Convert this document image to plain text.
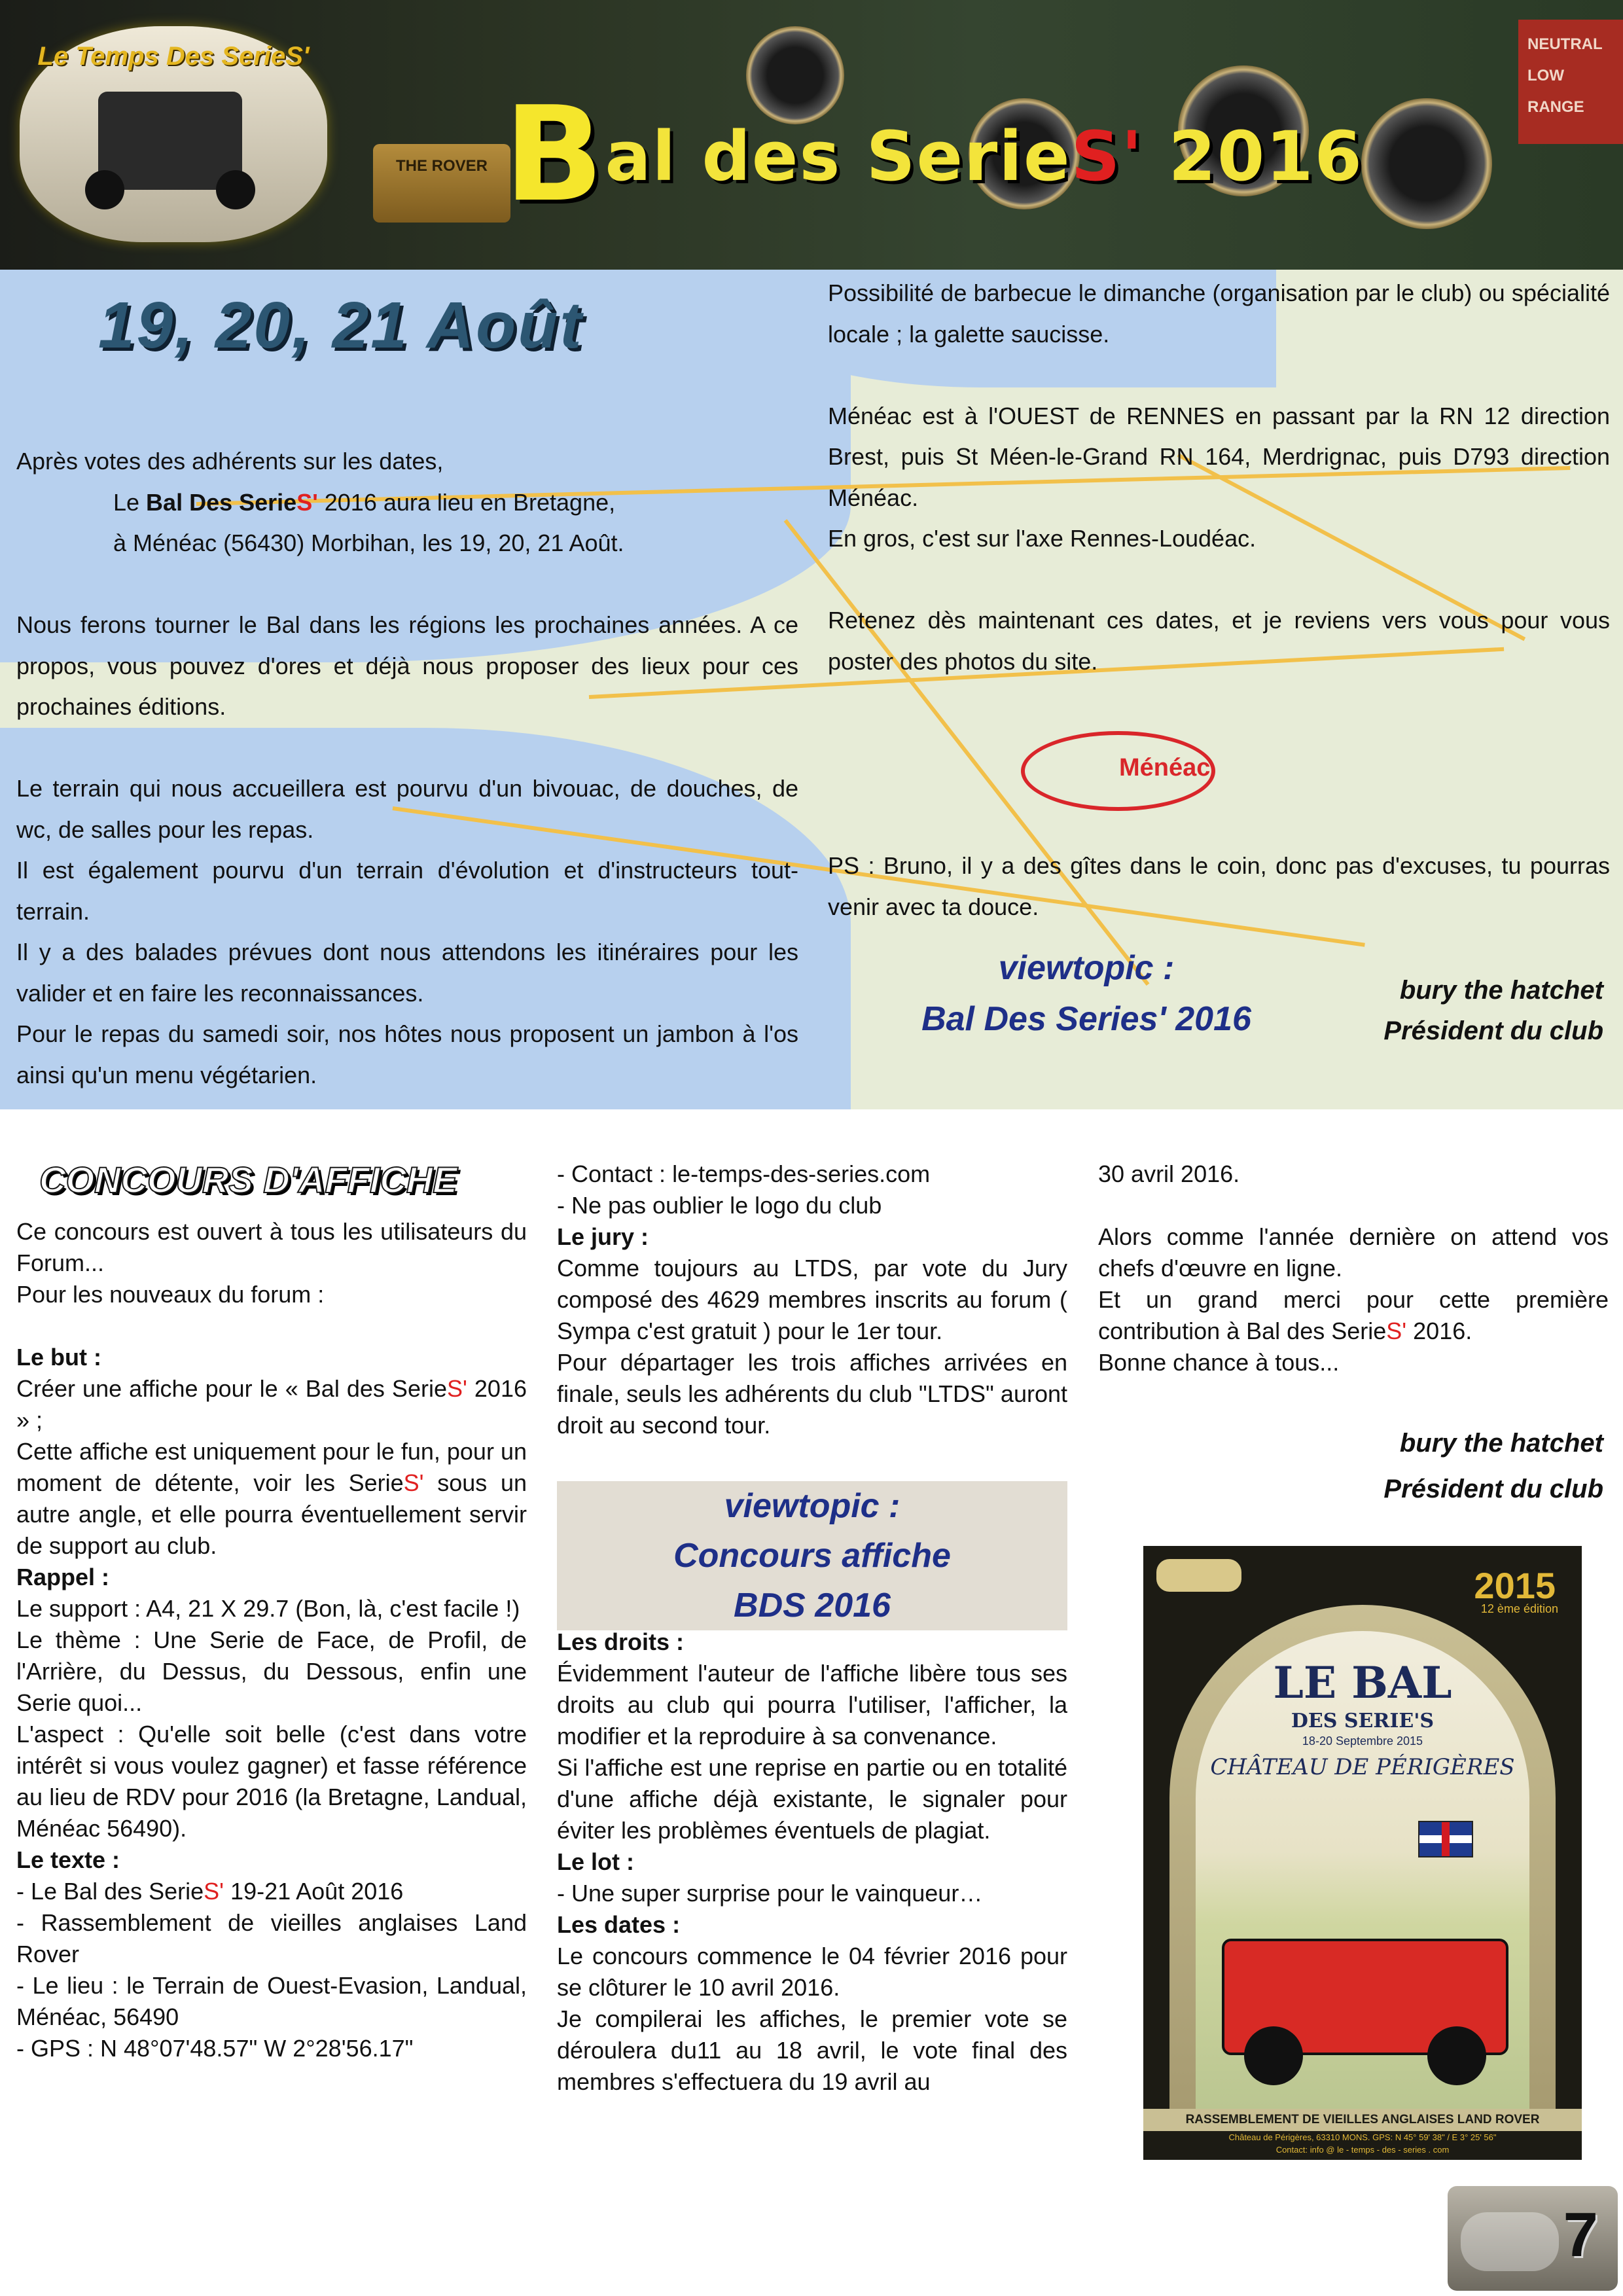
THE ROVER
NEUTRAL
LOW RANGE
Le Temps Des SerieS'
Bal des SerieS' 2016
Ménéac
19, 20, 21 Août
Après votes des adhérents sur les dates,
Le Bal Des SerieS' 2016 aura lieu en Bretagne,
à Ménéac (56430) Morbihan, les 19, 20, 21 Août.
Nous ferons tourner le Bal dans les régions les prochaines années. A ce propos, vous pouvez d'ores et déjà nous proposer des lieux pour ces prochaines éditions.
Le terrain qui nous accueillera est pourvu d'un bivouac, de douches, de wc, de salles pour les repas.
Il est également pourvu d'un terrain d'évolution et d'instructeurs tout-terrain.
Il y a des balades prévues dont nous attendons les itinéraires pour les valider et en faire les reconnaissances.
Pour le repas du samedi soir, nos hôtes nous proposent un jambon à l'os ainsi qu'un menu végétarien.
Possibilité de barbecue le dimanche (organisation par le club) ou spécialité locale ; la galette saucisse.
Ménéac est à l'OUEST de RENNES en passant par la RN 12 direction Brest, puis St Méen-le-Grand RN 164, Merdrignac, puis D793 direction Ménéac.
En gros, c'est sur l'axe Rennes-Loudéac.
Retenez dès maintenant ces dates, et je reviens vers vous pour vous poster des photos du site.
PS : Bruno, il y a des gîtes dans le coin, donc pas d'excuses, tu pourras venir avec ta douce.
viewtopic :
Bal Des Series' 2016
bury the hatchet
Président du club
CONCOURS D'AFFICHE
Ce concours est ouvert à tous les utilisateurs du Forum...
Pour les nouveaux du forum :
Le but :
Créer une affiche pour le « Bal des SerieS' 2016 » ;
Cette affiche est uniquement pour le fun, pour un moment de détente, voir les SerieS' sous un autre angle, et elle pourra éventuellement servir de support au club.
Rappel :
Le support : A4, 21 X 29.7 (Bon, là, c'est facile !)
Le thème : Une Serie de Face, de Profil, de l'Arrière, du Dessus, du Dessous, enfin une Serie quoi...
L'aspect : Qu'elle soit belle (c'est dans votre intérêt si vous voulez gagner) et fasse référence au lieu de RDV pour 2016 (la Bretagne, Landual, Ménéac 56490).
Le texte :
- Le Bal des SerieS' 19-21 Août 2016
- Rassemblement de vieilles anglaises Land Rover
- Le lieu : le Terrain de Ouest-Evasion, Landual, Ménéac, 56490
- GPS : N 48°07'48.57" W 2°28'56.17"
- Contact : le-temps-des-series.com
- Ne pas oublier le logo du club
Le jury :
Comme toujours au LTDS, par vote du Jury composé des 4629 membres inscrits au forum ( Sympa c'est gratuit ) pour le 1er tour.
Pour départager les trois affiches arrivées en finale, seuls les adhérents du club "LTDS" auront droit au second tour.
viewtopic :
Concours affiche
BDS 2016
Les droits :
Évidemment l'auteur de l'affiche libère tous ses droits au club qui pourra l'utiliser, l'afficher, la modifier et la reproduire à sa convenance.
Si l'affiche est une reprise en partie ou en totalité d'une affiche déjà existante, le signaler pour éviter les problèmes éventuels de plagiat.
Le lot :
- Une super surprise pour le vainqueur…
Les dates :
Le concours commence le 04 février 2016 pour se clôturer le 10 avril 2016.
Je compilerai les affiches, le premier vote se déroulera du11 au 18 avril, le vote final des membres s'effectuera du 19 avril au
30 avril 2016.
Alors comme l'année dernière on attend vos chefs d'œuvre en ligne.
Et un grand merci pour cette première contribution à Bal des SerieS' 2016.
Bonne chance à tous...
bury the hatchet
Président du club
2015
12 ème édition
LE BAL
DES SERIE'S
18-20 Septembre 2015
CHÂTEAU DE PÉRIGÈRES
RASSEMBLEMENT DE VIEILLES ANGLAISES LAND ROVER
Château de Périgères, 63310 MONS. GPS: N 45° 59' 38" / E 3° 25' 56"
Contact: info @ le - temps - des - series . com
7
